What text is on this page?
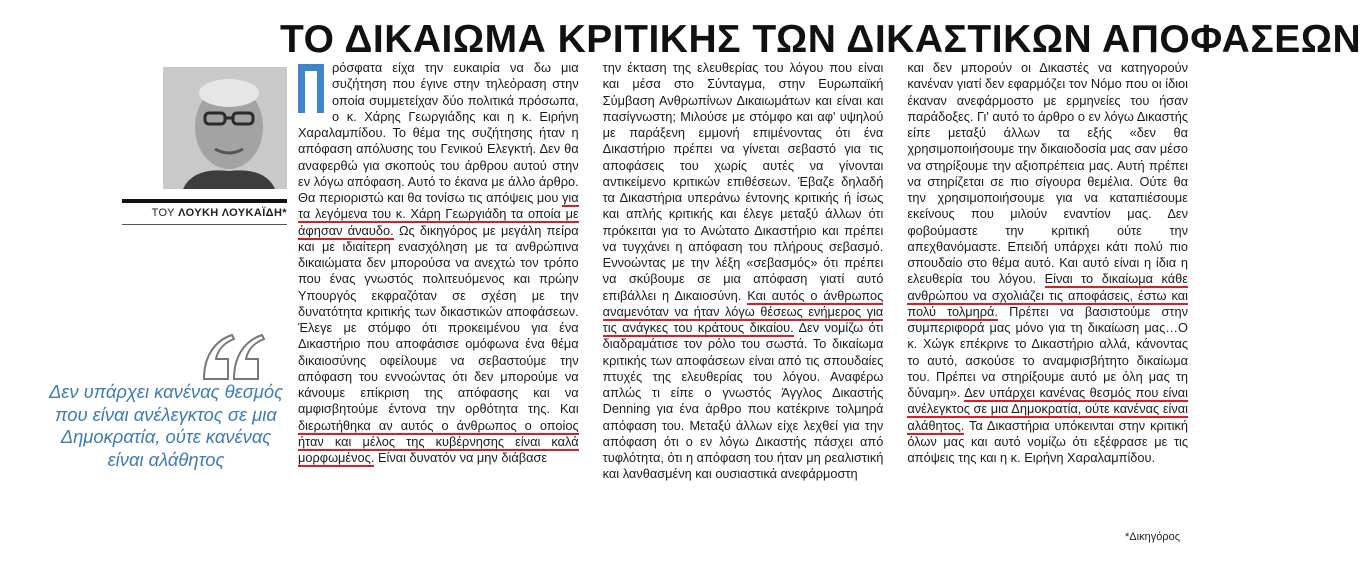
ΤΟ ΔΙΚΑΙΩΜΑ ΚΡΙΤΙΚΗΣ ΤΩΝ ΔΙΚΑΣΤΙΚΩΝ ΑΠΟΦΑΣΕΩΝ
ΤΟΥ ΛΟΥΚΗ ΛΟΥΚΑΪΔΗ*

Δεν υπάρχει κανένας θεσμός που είναι ανέλεγκτος σε μια Δημοκρατία, ούτε κανένας είναι αλάθητος

ρόσφατα είχα την ευκαιρία να δω μια συζήτηση που έγινε στην τηλεόραση στην οποία συμμετείχαν δύο πολιτικά πρόσωπα, ο κ. Χάρης Γεωργιάδης και η κ. Ειρήνη Χαραλαμπίδου. Το θέμα της συζήτησης ήταν η απόφαση απόλυσης του Γενικού Ελεγκτή. Δεν θα αναφερθώ για σκοπούς του άρθρου αυτού στην εν λόγω απόφαση. Αυτό το έκανα με άλλο άρθρο. Θα περιοριστώ και θα τονίσω τις απόψεις μου για τα λεγόμενα του κ. Χάρη Γεωργιάδη τα οποία με άφησαν άναυδο. Ως δικηγόρος με μεγάλη πείρα και με ιδιαίτερη ενασχόληση με τα ανθρώπινα δικαιώματα δεν μπορούσα να ανεχτώ τον τρόπο που ένας γνωστός πολιτευόμενος και πρώην Υπουργός εκφραζόταν σε σχέση με την δυνατότητα κριτικής των δικαστικών αποφάσεων. Έλεγε με στόμφο ότι προκειμένου για ένα Δικαστήριο που αποφάσισε ομόφωνα ένα θέμα δικαιοσύνης οφείλουμε να σεβαστούμε την απόφαση του εννοώντας ότι δεν μπορούμε να κάνουμε επίκριση της απόφασης και να αμφισβητούμε έντονα την ορθότητα της. Και διερωτήθηκα αν αυτός ο άνθρωπος ο οποίος ήταν και μέλος της κυβέρνησης είναι καλά μορφωμένος. Είναι δυνατόν να μην διάβασε
την έκταση της ελευθερίας του λόγου που είναι και μέσα στο Σύνταγμα, στην Ευρωπαϊκή Σύμβαση Ανθρωπίνων Δικαιωμάτων και είναι και πασίγνωστη; Μιλούσε με στόμφο και αφ' υψηλού με παράξενη εμμονή επιμένοντας ότι ένα Δικαστήριο πρέπει να γίνεται σεβαστό για τις αποφάσεις του χωρίς αυτές να γίνονται αντικείμενο κριτικών επιθέσεων. Έβαζε δηλαδή τα Δικαστήρια υπεράνω έντονης κριτικής ή ίσως και απλής κριτικής και έλεγε μεταξύ άλλων ότι πρόκειται για το Ανώτατο Δικαστήριο και πρέπει να τυγχάνει η απόφαση του πλήρους σεβασμό. Εννοώντας με την λέξη «σεβασμός» ότι πρέπει να σκύβουμε σε μια απόφαση γιατί αυτό επιβάλλει η Δικαιοσύνη. Και αυτός ο άνθρωπος αναμενόταν να ήταν λόγω θέσεως ενήμερος για τις ανάγκες του κράτους δικαίου. Δεν νομίζω ότι διαδραμάτισε τον ρόλο του σωστά. Το δικαίωμα κριτικής των αποφάσεων είναι από τις σπουδαίες πτυχές της ελευθερίας του λόγου. Αναφέρω απλώς τι είπε ο γνωστός Άγγλος Δικαστής Denning για ένα άρθρο που κατέκρινε τολμηρά απόφαση του. Μεταξύ άλλων είχε λεχθεί για την απόφαση ότι ο εν λόγω Δικαστής πάσχει από τυφλότητα, ότι η απόφαση του ήταν μη ρεαλιστική και λανθασμένη και ουσιαστικά ανεφάρμοστη
και δεν μπορούν οι Δικαστές να κατηγορούν κανέναν γιατί δεν εφαρμόζει τον Νόμο που οι ίδιοι έκαναν ανεφάρμοστο με ερμηνείες του ήσαν παράδοξες. Γι' αυτό το άρθρο ο εν λόγω Δικαστής είπε μεταξύ άλλων τα εξής «δεν θα χρησιμοποιήσουμε την δικαιοδοσία μας σαν μέσο να στηρίξουμε την αξιοπρέπεια μας. Αυτή πρέπει να στηρίζεται σε πιο σίγουρα θεμέλια. Ούτε θα την χρησιμοποιήσουμε για να καταπιέσουμε εκείνους που μιλούν εναντίον μας. Δεν φοβούμαστε την κριτική ούτε την απεχθανόμαστε. Επειδή υπάρχει κάτι πολύ πιο σπουδαίο στο θέμα αυτό. Και αυτό είναι η ίδια η ελευθερία του λόγου. Είναι το δικαίωμα κάθε ανθρώπου να σχολιάζει τις αποφάσεις, έστω και πολύ τολμηρά. Πρέπει να βασιστούμε στην συμπεριφορά μας μόνο για τη δικαίωση μας…Ο κ. Χώγκ επέκρινε το Δικαστήριο αλλά, κάνοντας το αυτό, ασκούσε το αναμφισβήτητο δικαίωμα του. Πρέπει να στηρίξουμε αυτό με όλη μας τη δύναμη». Δεν υπάρχει κανένας θεσμός που είναι ανέλεγκτος σε μια Δημοκρατία, ούτε κανένας είναι αλάθητος. Τα Δικαστήρια υπόκεινται στην κριτική όλων μας και αυτό νομίζω ότι εξέφρασε με τις απόψεις της και η κ. Ειρήνη Χαραλαμπίδου.
*Δικηγόρος
